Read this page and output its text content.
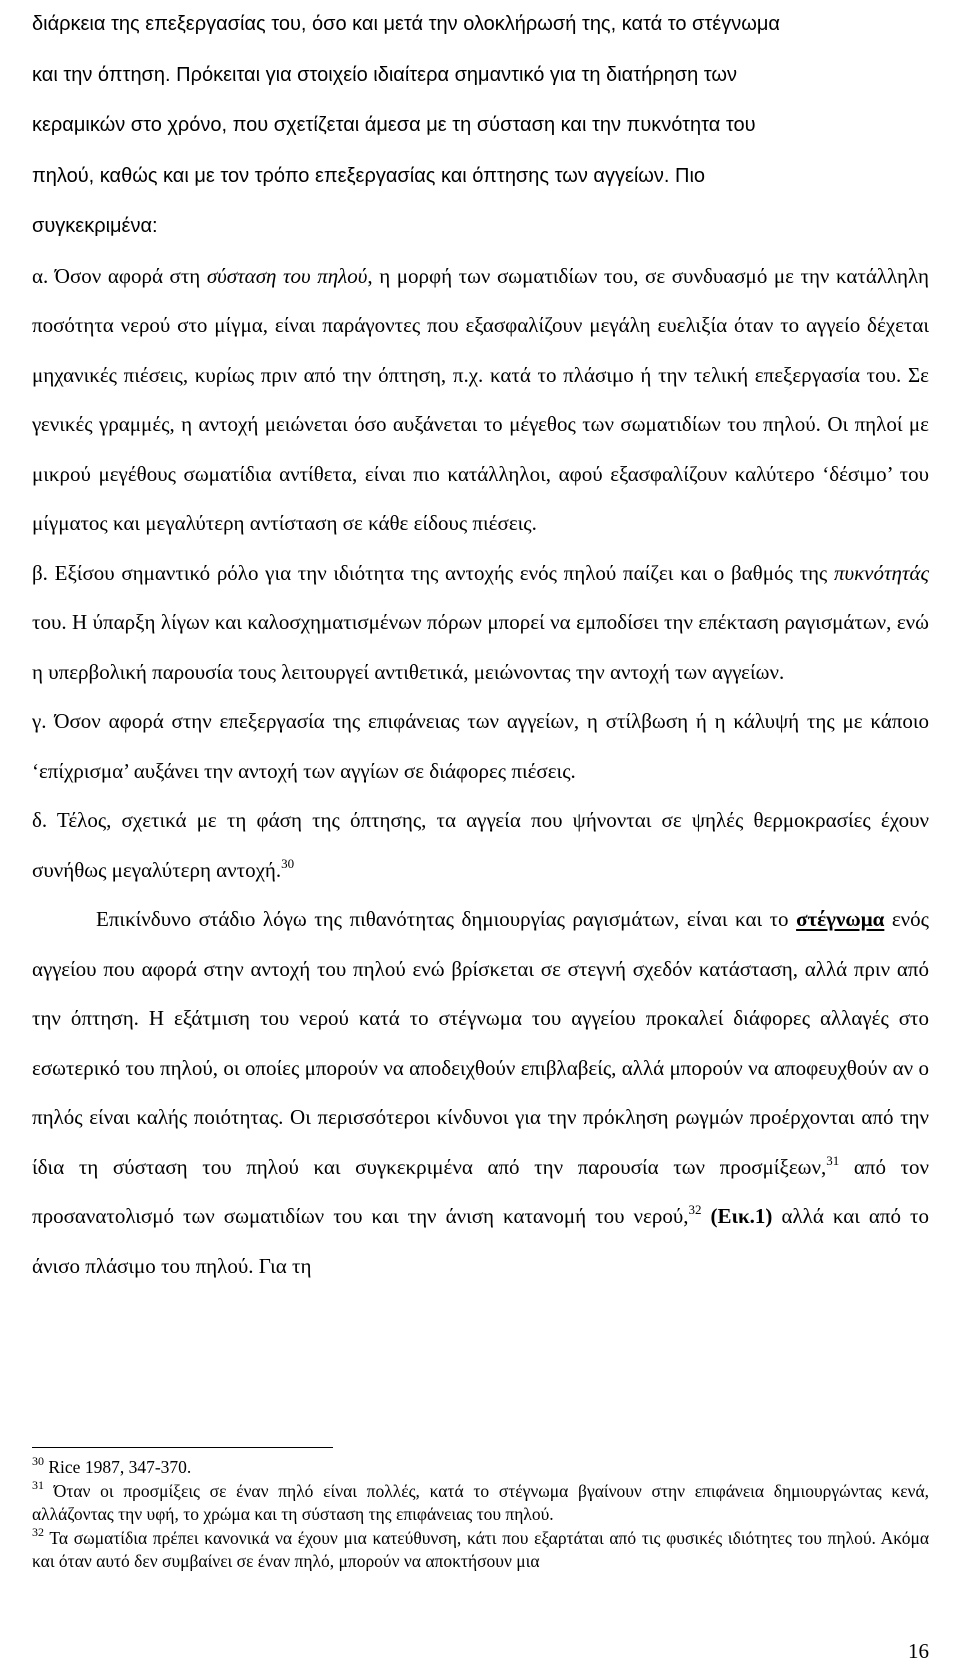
διάρκεια της επεξεργασίας του, όσο και μετά την ολοκλήρωσή της, κατά το στέγνωμα
και την όπτηση. Πρόκειται για στοιχείο ιδιαίτερα σημαντικό για τη διατήρηση των
κεραμικών στο χρόνο, που σχετίζεται άμεσα με τη σύσταση και την πυκνότητα του
πηλού, καθώς και με τον τρόπο επεξεργασίας και όπτησης των αγγείων. Πιο
συγκεκριμένα:

α. Όσον αφορά στη σύσταση του πηλού, η μορφή των σωματιδίων του, σε συνδυασμό με την κατάλληλη ποσότητα νερού στο μίγμα, είναι παράγοντες που εξασφαλίζουν μεγάλη ευελιξία όταν το αγγείο δέχεται μηχανικές πιέσεις, κυρίως πριν από την όπτηση, π.χ. κατά το πλάσιμο ή την τελική επεξεργασία του. Σε γενικές γραμμές, η αντοχή μειώνεται όσο αυξάνεται το μέγεθος των σωματιδίων του πηλού. Οι πηλοί με μικρού μεγέθους σωματίδια αντίθετα, είναι πιο κατάλληλοι, αφού εξασφαλίζουν καλύτερο ‘δέσιμο’ του μίγματος και μεγαλύτερη αντίσταση σε κάθε είδους πιέσεις.

β. Εξίσου σημαντικό ρόλο για την ιδιότητα της αντοχής ενός πηλού παίζει και ο βαθμός της πυκνότητάς του. Η ύπαρξη λίγων και καλοσχηματισμένων πόρων μπορεί να εμποδίσει την επέκταση ραγισμάτων, ενώ η υπερβολική παρουσία τους λειτουργεί αντιθετικά, μειώνοντας την αντοχή των αγγείων.

γ. Όσον αφορά στην επεξεργασία της επιφάνειας των αγγείων, η στίλβωση ή η κάλυψή της με κάποιο ‘επίχρισμα’ αυξάνει την αντοχή των αγγίων σε διάφορες πιέσεις.

δ. Τέλος, σχετικά με τη φάση της όπτησης, τα αγγεία που ψήνονται σε ψηλές θερμοκρασίες έχουν συνήθως μεγαλύτερη αντοχή.$^{30}$

Επικίνδυνο στάδιο λόγω της πιθανότητας δημιουργίας ραγισμάτων, είναι και το στέγνωμα ενός αγγείου που αφορά στην αντοχή του πηλού ενώ βρίσκεται σε στεγνή σχεδόν κατάσταση, αλλά πριν από την όπτηση. Η εξάτμιση του νερού κατά το στέγνωμα του αγγείου προκαλεί διάφορες αλλαγές στο εσωτερικό του πηλού, οι οποίες μπορούν να αποδειχθούν επιβλαβείς, αλλά μπορούν να αποφευχθούν αν ο πηλός είναι καλής ποιότητας. Οι περισσότεροι κίνδυνοι για την πρόκληση ρωγμών προέρχονται από την ίδια τη σύσταση του πηλού και συγκεκριμένα από την παρουσία των προσμίξεων,$^{31}$ από τον προσανατολισμό των σωματιδίων του και την άνιση κατανομή του νερού,$^{32}$ (Εικ.1) αλλά και από το άνισο πλάσιμο του πηλού. Για τη

$^{30}$ Rice 1987, 347-370.

$^{31}$ Όταν οι προσμίξεις σε έναν πηλό είναι πολλές, κατά το στέγνωμα βγαίνουν στην επιφάνεια δημιουργώντας κενά, αλλάζοντας την υφή, το χρώμα και τη σύσταση της επιφάνειας του πηλού.

$^{32}$ Τα σωματίδια πρέπει κανονικά να έχουν μια κατεύθυνση, κάτι που εξαρτάται από τις φυσικές ιδιότητες του πηλού. Ακόμα και όταν αυτό δεν συμβαίνει σε έναν πηλό, μπορούν να αποκτήσουν μια

16
